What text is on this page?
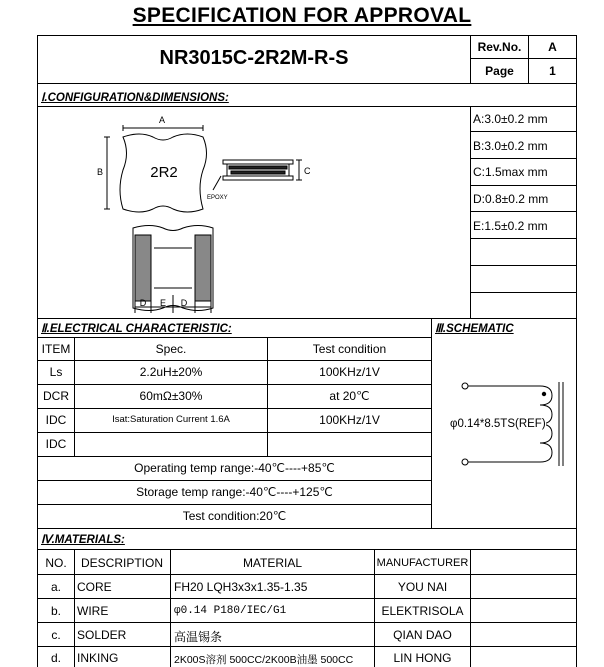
SPECIFICATION FOR APPROVAL
NR3015C-2R2M-R-S	Rev.No.	A
Page	1
Ⅰ.CONFIGURATION&DIMENSIONS:
A:3.0±0.2 mm
B:3.0±0.2 mm
C:1.5max mm
D:0.8±0.2 mm
E:1.5±0.2 mm
A
B	2R2	C
EPOXY
D E D
Ⅱ.ELECTRICAL CHARACTERISTIC:
ITEM	Spec.	Test condition
Ls	2.2uH±20%	100KHz/1V
DCR	60mΩ±30%	at 20℃
IDC	Isat:Saturation Current 1.6A	100KHz/1V
IDC
Operating temp range:-40℃----+85℃
Storage temp range:-40℃----+125℃
Test condition:20℃
Ⅲ.SCHEMATIC
φ0.14*8.5TS(REF)
Ⅳ.MATERIALS:
NO.	DESCRIPTION	MATERIAL	MANUFACTURER
a.	CORE	FH20 LQH3x3x1.35-1.35	YOU NAI
b.	WIRE	φ0.14 P180/IEC/G1	ELEKTRISOLA
c.	SOLDER	高温锡条	QIAN DAO
d.	INKING	2K00S溶剂 500CC/2K00B油墨 500CC	LIN HONG
